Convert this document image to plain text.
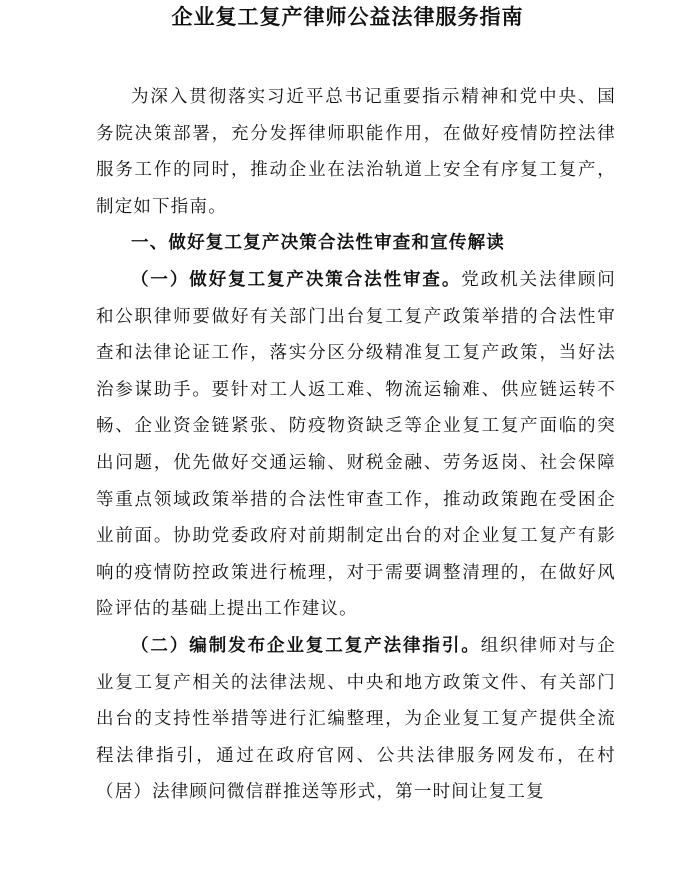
企业复工复产律师公益法律服务指南

为深入贯彻落实习近平总书记重要指示精神和党中央、国务院决策部署，充分发挥律师职能作用，在做好疫情防控法律服务工作的同时，推动企业在法治轨道上安全有序复工复产，制定如下指南。

一、做好复工复产决策合法性审查和宣传解读

（一）做好复工复产决策合法性审查。党政机关法律顾问和公职律师要做好有关部门出台复工复产政策举措的合法性审查和法律论证工作，落实分区分级精准复工复产政策，当好法治参谋助手。要针对工人返工难、物流运输难、供应链运转不畅、企业资金链紧张、防疫物资缺乏等企业复工复产面临的突出问题，优先做好交通运输、财税金融、劳务返岗、社会保障等重点领域政策举措的合法性审查工作，推动政策跑在受困企业前面。协助党委政府对前期制定出台的对企业复工复产有影响的疫情防控政策进行梳理，对于需要调整清理的，在做好风险评估的基础上提出工作建议。

（二）编制发布企业复工复产法律指引。组织律师对与企业复工复产相关的法律法规、中央和地方政策文件、有关部门出台的支持性举措等进行汇编整理，为企业复工复产提供全流程法律指引，通过在政府官网、公共法律服务网发布，在村（居）法律顾问微信群推送等形式，第一时间让复工复
